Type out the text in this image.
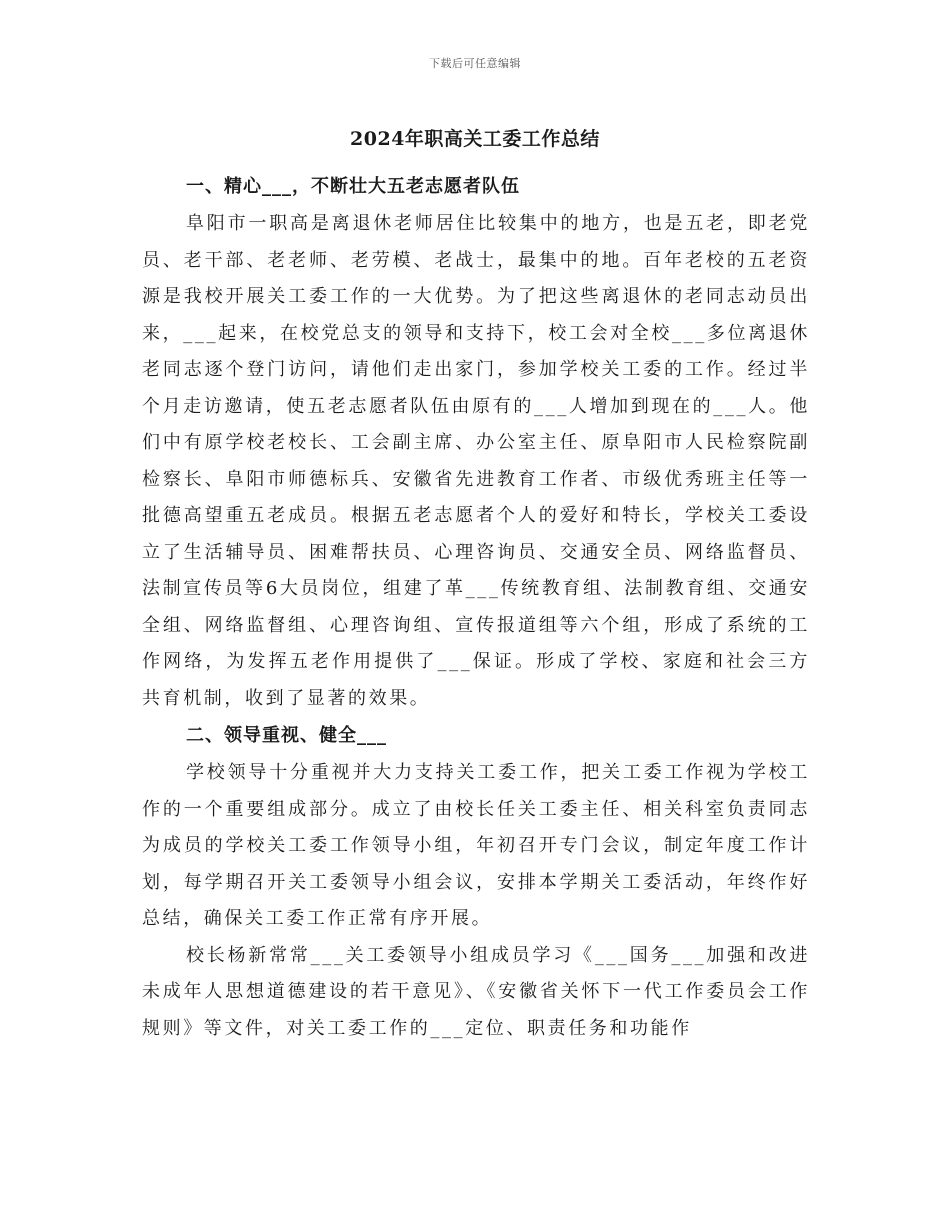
下载后可任意编辑
2024年职高关工委工作总结
一、精心___，不断壮大五老志愿者队伍

阜阳市一职高是离退休老师居住比较集中的地方，也是五老，即老党员、老干部、老老师、老劳模、老战士，最集中的地。百年老校的五老资源是我校开展关工委工作的一大优势。为了把这些离退休的老同志动员出来，___起来，在校党总支的领导和支持下，校工会对全校___多位离退休老同志逐个登门访问，请他们走出家门，参加学校关工委的工作。经过半个月走访邀请，使五老志愿者队伍由原有的___人增加到现在的___人。他们中有原学校老校长、工会副主席、办公室主任、原阜阳市人民检察院副检察长、阜阳市师德标兵、安徽省先进教育工作者、市级优秀班主任等一批德高望重五老成员。根据五老志愿者个人的爱好和特长，学校关工委设立了生活辅导员、困难帮扶员、心理咨询员、交通安全员、网络监督员、法制宣传员等6大员岗位，组建了革___传统教育组、法制教育组、交通安全组、网络监督组、心理咨询组、宣传报道组等六个组，形成了系统的工作网络，为发挥五老作用提供了___保证。形成了学校、家庭和社会三方共育机制，收到了显著的效果。

二、领导重视、健全___

学校领导十分重视并大力支持关工委工作，把关工委工作视为学校工作的一个重要组成部分。成立了由校长任关工委主任、相关科室负责同志为成员的学校关工委工作领导小组，年初召开专门会议，制定年度工作计划，每学期召开关工委领导小组会议，安排本学期关工委活动，年终作好总结，确保关工委工作正常有序开展。

校长杨新常常___关工委领导小组成员学习《___国务___加强和改进未成年人思想道德建设的若干意见》、《安徽省关怀下一代工作委员会工作规则》等文件，对关工委工作的___定位、职责任务和功能作
